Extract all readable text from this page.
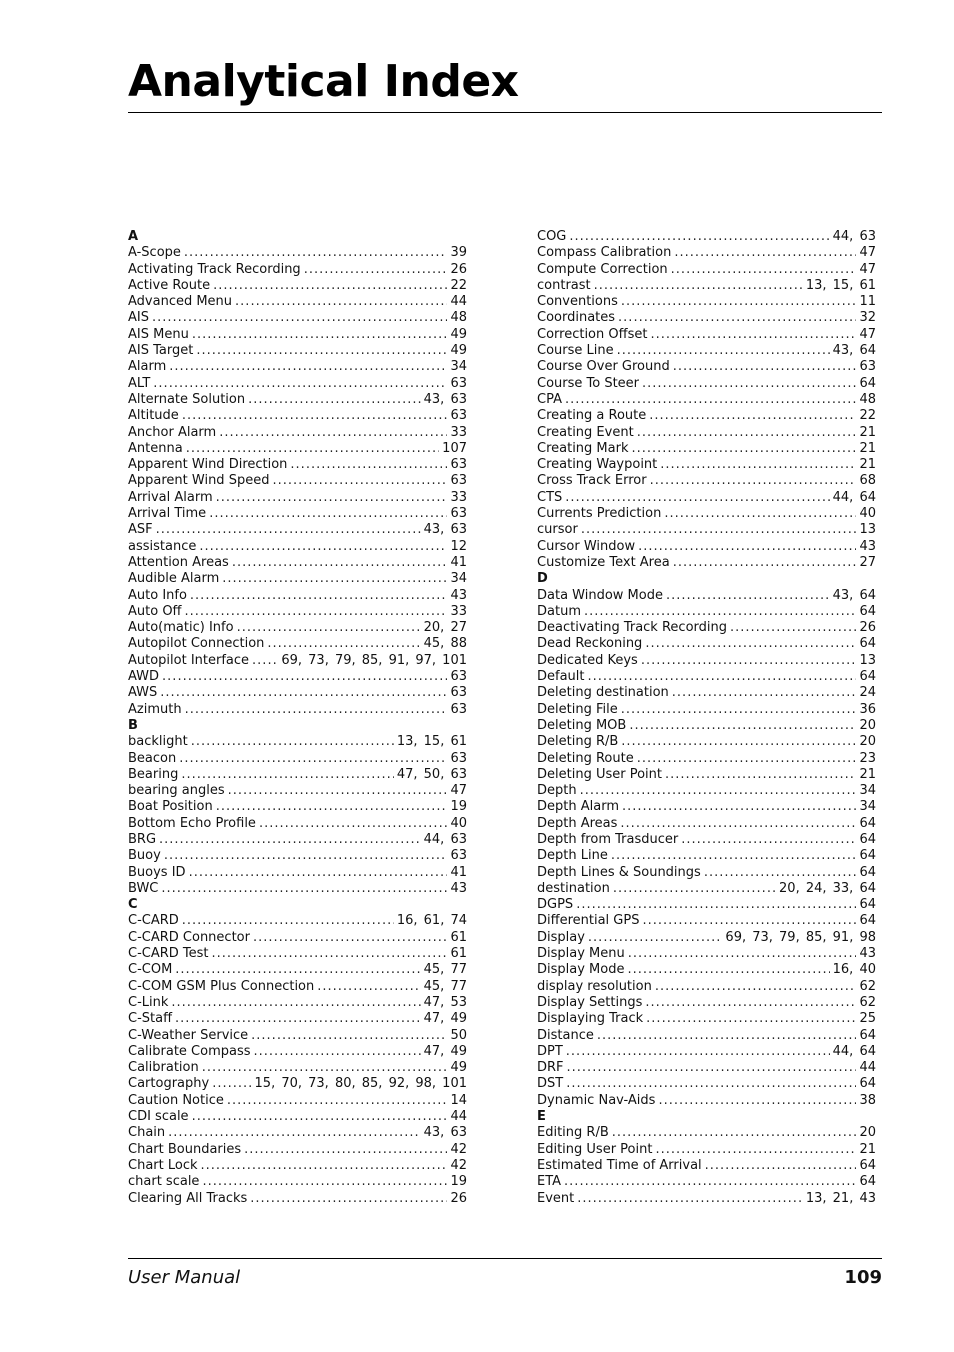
Analytical Index
A
A-Scope .....	39
Activating Track Recording .....	26
Active Route .....	22
Advanced Menu .....	44
AIS .....	48
AIS Menu .....	49
AIS Target .....	49
Alarm .....	34
ALT .....	63
Alternate Solution .....	43, 63
Altitude .....	63
Anchor Alarm .....	33
Antenna .....	107
Apparent Wind Direction .....	63
Apparent Wind Speed .....	63
Arrival Alarm .....	33
Arrival Time .....	63
ASF .....	43, 63
assistance .....	12
Attention Areas .....	41
Audible Alarm .....	34
Auto Info .....	43
Auto Off .....	33
Auto(matic) Info .....	20, 27
Autopilot Connection .....	45, 88
Autopilot Interface ..... 69, 73, 79, 85, 91, 97, 101
AWD .....	63
AWS .....	63
Azimuth .....	63
B
backlight .....	13, 15, 61
Beacon .....	63
Bearing .....	47, 50, 63
bearing angles .....	47
Boat Position .....	19
Bottom Echo Profile .....	40
BRG .....	44, 63
Buoy .....	63
Buoys ID .....	41
BWC .....	43
C
C-CARD .....	16, 61, 74
C-CARD Connector .....	61
C-CARD Test .....	61
C-COM .....	45, 77
C-COM GSM Plus Connection .....	45, 77
C-Link .....	47, 53
C-Staff .....	47, 49
C-Weather Service .....	50
Calibrate Compass .....	47, 49
Calibration .....	49
Cartography .....	15, 70, 73, 80, 85, 92, 98, 101
Caution Notice .....	14
CDI scale .....	44
Chain .....	43, 63
Chart Boundaries .....	42
Chart Lock .....	42
chart scale .....	19
Clearing All Tracks .....	26
COG .....	44, 63
Compass Calibration .....	47
Compute Correction .....	47
contrast .....	13, 15, 61
Conventions .....	11
Coordinates .....	32
Correction Offset .....	47
Course Line .....	43, 64
Course Over Ground .....	63
Course To Steer .....	64
CPA .....	48
Creating a Route .....	22
Creating Event .....	21
Creating Mark .....	21
Creating Waypoint .....	21
Cross Track Error .....	68
CTS .....	44, 64
Currents Prediction .....	40
cursor .....	13
Cursor Window .....	43
Customize Text Area .....	27
D
Data Window Mode .....	43, 64
Datum .....	64
Deactivating Track Recording .....	26
Dead Reckoning .....	64
Dedicated Keys .....	13
Default .....	64
Deleting destination .....	24
Deleting File .....	36
Deleting MOB .....	20
Deleting R/B .....	20
Deleting Route .....	23
Deleting User Point .....	21
Depth .....	34
Depth Alarm .....	34
Depth Areas .....	64
Depth from Trasducer .....	64
Depth Line .....	64
Depth Lines & Soundings .....	64
destination .....	20, 24, 33, 64
DGPS .....	64
Differential GPS .....	64
Display .....	69, 73, 79, 85, 91, 98
Display Menu .....	43
Display Mode .....	16, 40
display resolution .....	62
Display Settings .....	62
Displaying Track .....	25
Distance .....	64
DPT .....	44, 64
DRF .....	44
DST .....	64
Dynamic Nav-Aids .....	38
E
Editing R/B .....	20
Editing User Point .....	21
Estimated Time of Arrival .....	64
ETA .....	64
Event .....	13, 21, 43
User Manual	109
